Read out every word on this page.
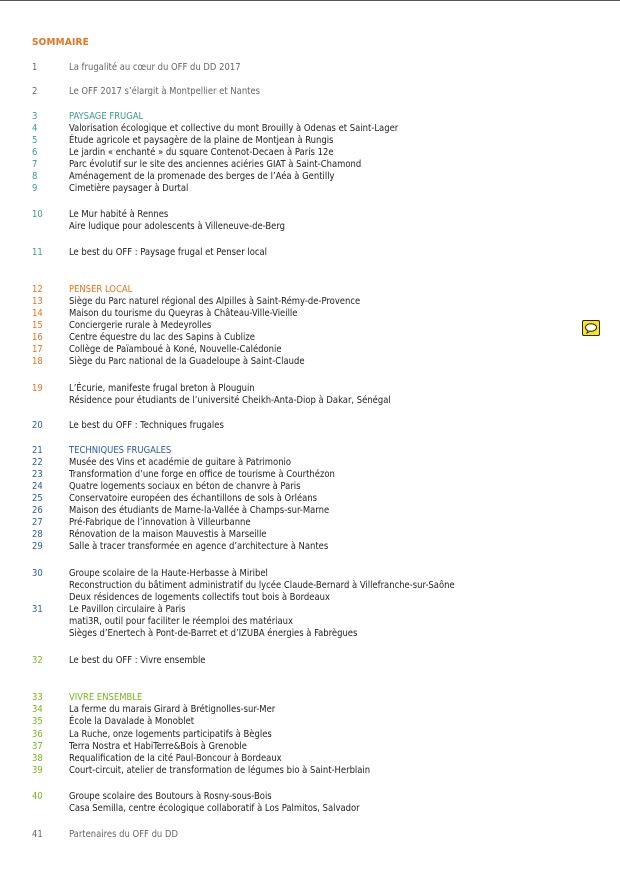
SOMMAIRE
1	La frugalité au cœur du OFF du DD 2017
2	Le OFF 2017 s’élargit à Montpellier et Nantes
3	PAYSAGE FRUGAL
4	Valorisation écologique et collective du mont Brouilly à Odenas et Saint-Lager
5	Étude agricole et paysagère de la plaine de Montjean à Rungis
6	Le jardin « enchanté » du square Contenot-Decaen à Paris 12e
7	Parc évolutif sur le site des anciennes aciéries GIAT à Saint-Chamond
8	Aménagement de la promenade des berges de l’Aéa à Gentilly
9	Cimetière paysager à Durtal
10	Le Mur habité à Rennes
Aire ludique pour adolescents à Villeneuve-de-Berg
11	Le best du OFF : Paysage frugal et Penser local
12	PENSER LOCAL
13	Siège du Parc naturel régional des Alpilles à Saint-Rémy-de-Provence
14	Maison du tourisme du Queyras à Château-Ville-Vieille
15	Conciergerie rurale à Medeyrolles
16	Centre équestre du lac des Sapins à Cublize
17	Collège de Païamboué à Koné, Nouvelle-Calédonie
18	Siège du Parc national de la Guadeloupe à Saint-Claude
19	L’Écurie, manifeste frugal breton à Plouguin
Résidence pour étudiants de l’université Cheikh-Anta-Diop à Dakar, Sénégal
20	Le best du OFF : Techniques frugales
21	TECHNIQUES FRUGALES
22	Musée des Vins et académie de guitare à Patrimonio
23	Transformation d’une forge en office de tourisme à Courthézon
24	Quatre logements sociaux en béton de chanvre à Paris
25	Conservatoire européen des échantillons de sols à Orléans
26	Maison des étudiants de Marne-la-Vallée à Champs-sur-Marne
27	Pré-Fabrique de l’innovation à Villeurbanne
28	Rénovation de la maison Mauvestis à Marseille
29	Salle à tracer transformée en agence d’architecture à Nantes
30	Groupe scolaire de la Haute-Herbasse à Miribel
Reconstruction du bâtiment administratif du lycée Claude-Bernard à Villefranche-sur-Saône
Deux résidences de logements collectifs tout bois à Bordeaux
31	Le Pavillon circulaire à Paris
mati3R, outil pour faciliter le réemploi des matériaux
Sièges d’Enertech à Pont-de-Barret et d’IZUBA énergies à Fabrègues
32	Le best du OFF : Vivre ensemble
33	VIVRE ENSEMBLE
34	La ferme du marais Girard à Brétignolles-sur-Mer
35	École la Davalade à Monoblet
36	La Ruche, onze logements participatifs à Bègles
37	Terra Nostra et HabiTerre&Bois à Grenoble
38	Requalification de la cité Paul-Boncour à Bordeaux
39	Court-circuit, atelier de transformation de légumes bio à Saint-Herblain
40	Groupe scolaire des Boutours à Rosny-sous-Bois
Casa Semilla, centre écologique collaboratif à Los Palmitos, Salvador
41	Partenaires du OFF du DD
